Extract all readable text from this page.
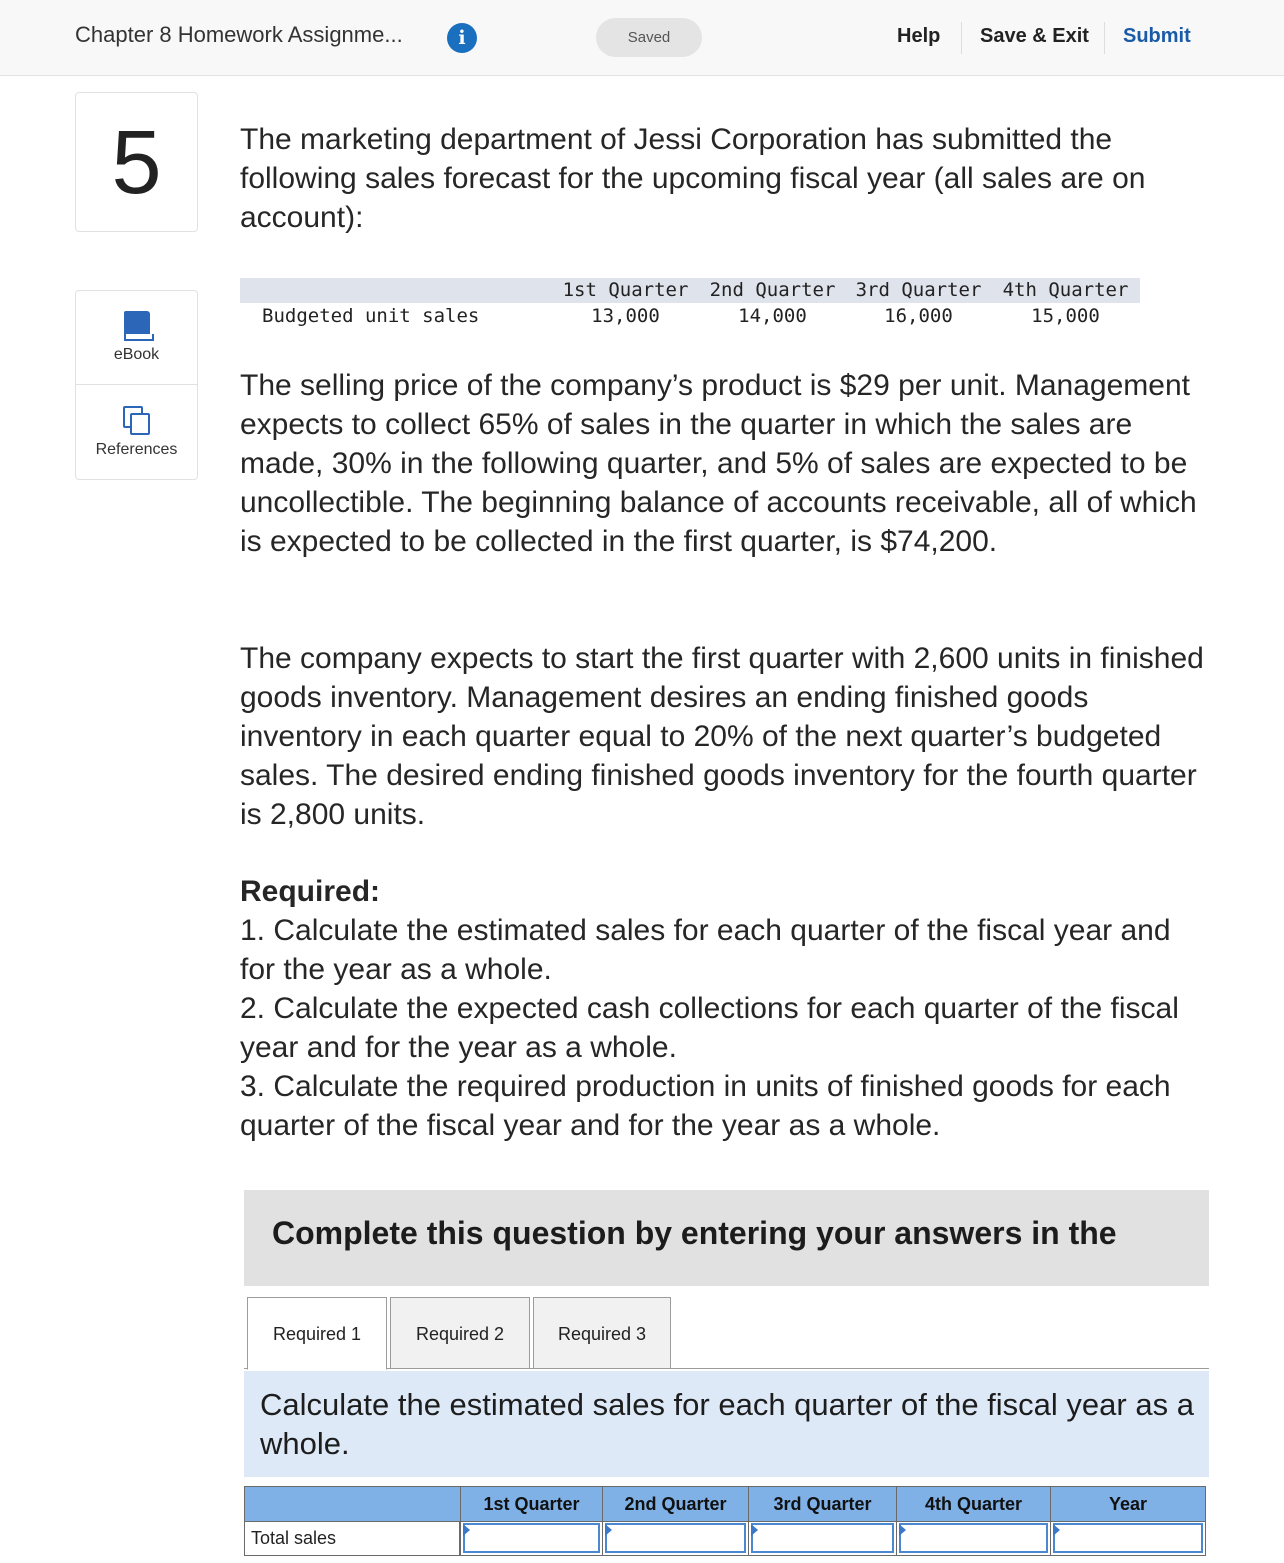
Chapter 8 Homework Assignme...	i	Saved	Help Save & Exit Submit
5
eBook
References

The marketing department of Jessi Corporation has submitted the following sales forecast for the upcoming fiscal year (all sales are on account):

1st Quarter	2nd Quarter	3rd Quarter	4th Quarter
Budgeted unit sales	13,000	14,000	16,000	15,000

The selling price of the company’s product is $29 per unit. Management expects to collect 65% of sales in the quarter in which the sales are made, 30% in the following quarter, and 5% of sales are expected to be uncollectible. The beginning balance of accounts receivable, all of which is expected to be collected in the first quarter, is $74,200.

The company expects to start the first quarter with 2,600 units in finished goods inventory. Management desires an ending finished goods inventory in each quarter equal to 20% of the next quarter’s budgeted sales. The desired ending finished goods inventory for the fourth quarter is 2,800 units.

Required:
1. Calculate the estimated sales for each quarter of the fiscal year and for the year as a whole.
2. Calculate the expected cash collections for each quarter of the fiscal year and for the year as a whole.
3. Calculate the required production in units of finished goods for each quarter of the fiscal year and for the year as a whole.
Complete this question by entering your answers in the
Required 1	Required 2	Required 3
Calculate the estimated sales for each quarter of the fiscal year as a whole.
1st Quarter	2nd Quarter	3rd Quarter	4th Quarter	Year
Total sales
